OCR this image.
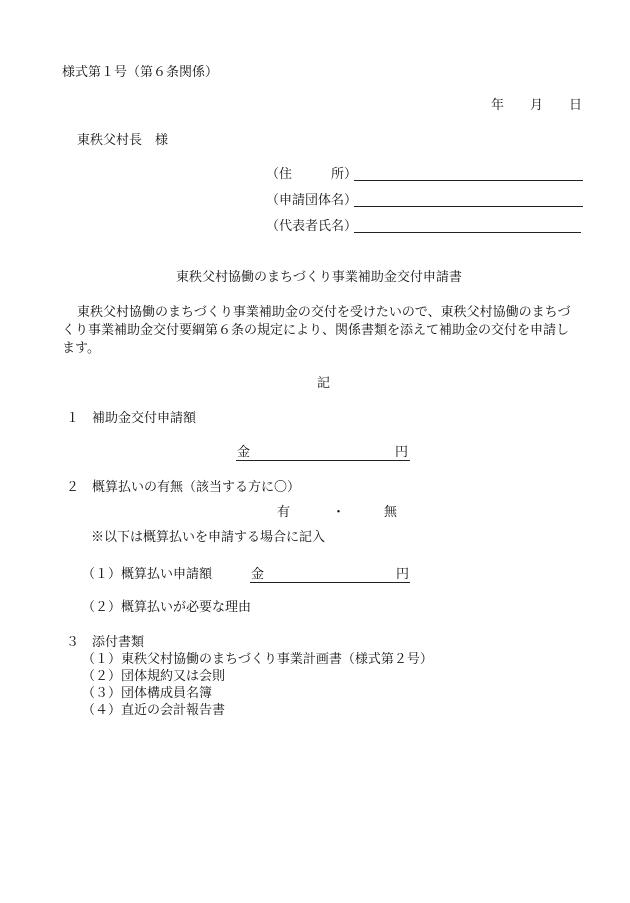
様式第１号（第６条関係）
年 月 日
東秩父村長　様
（住　　　所）
（申請団体名）
（代表者氏名）
東秩父村協働のまちづくり事業補助金交付申請書
東秩父村協働のまちづくり事業補助金の交付を受けたいので、東秩父村協働のまちづ
くり事業補助金交付要綱第６条の規定により、関係書類を添えて補助金の交付を申請し
ます。
記
１　補助金交付申請額
金	円
２　概算払いの有無（該当する方に〇）
有	・	無
※以下は概算払いを申請する場合に記入
（１）概算払い申請額	金	円
（２）概算払いが必要な理由
３　添付書類
（１）東秩父村協働のまちづくり事業計画書（様式第２号）
（２）団体規約又は会則
（３）団体構成員名簿
（４）直近の会計報告書
